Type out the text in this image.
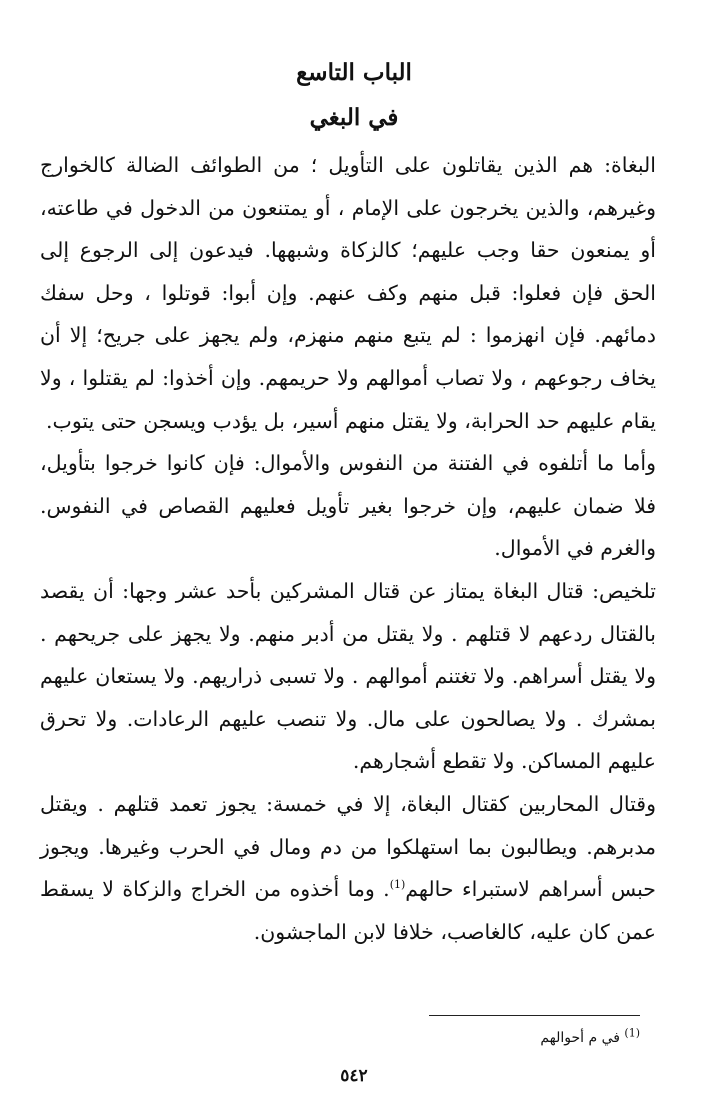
الباب التاسع
في البغي

البغاة: هم الذين يقاتلون على التأويل ؛ من الطوائف الضالة كالخوارج وغيرهم، والذين يخرجون على الإمام ، أو يمتنعون من الدخول في طاعته، أو يمنعون حقا وجب عليهم؛ كالزكاة وشبهها. فيدعون إلى الرجوع إلى الحق فإن فعلوا: قبل منهم وكف عنهم. وإن أبوا: قوتلوا ، وحل سفك دمائهم. فإن انهزموا : لم يتبع منهم منهزم، ولم يجهز على جريح؛ إلا أن يخاف رجوعهم ، ولا تصاب أموالهم ولا حريمهم. وإن أخذوا: لم يقتلوا ، ولا يقام عليهم حد الحرابة، ولا يقتل منهم أسير، بل يؤدب ويسجن حتى يتوب.

وأما ما أتلفوه في الفتنة من النفوس والأموال: فإن كانوا خرجوا بتأويل، فلا ضمان عليهم، وإن خرجوا بغير تأويل فعليهم القصاص في النفوس. والغرم في الأموال.

تلخيص: قتال البغاة يمتاز عن قتال المشركين بأحد عشر وجها: أن يقصد بالقتال ردعهم لا قتلهم . ولا يقتل من أدبر منهم. ولا يجهز على جريحهم . ولا يقتل أسراهم. ولا تغتنم أموالهم . ولا تسبى ذراريهم. ولا يستعان عليهم بمشرك . ولا يصالحون على مال. ولا تنصب عليهم الرعادات. ولا تحرق عليهم المساكن. ولا تقطع أشجارهم.

وقتال المحاربين كقتال البغاة، إلا في خمسة: يجوز تعمد قتلهم . ويقتل مدبرهم. ويطالبون بما استهلكوا من دم ومال في الحرب وغيرها. ويجوز حبس أسراهم لاستبراء حالهم$^{(1)}$. وما أخذوه من الخراج والزكاة لا يسقط عمن كان عليه، كالغاصب، خلافا لابن الماجشون.

$^{(1)}$ في م أحوالهم
٥٤٢
